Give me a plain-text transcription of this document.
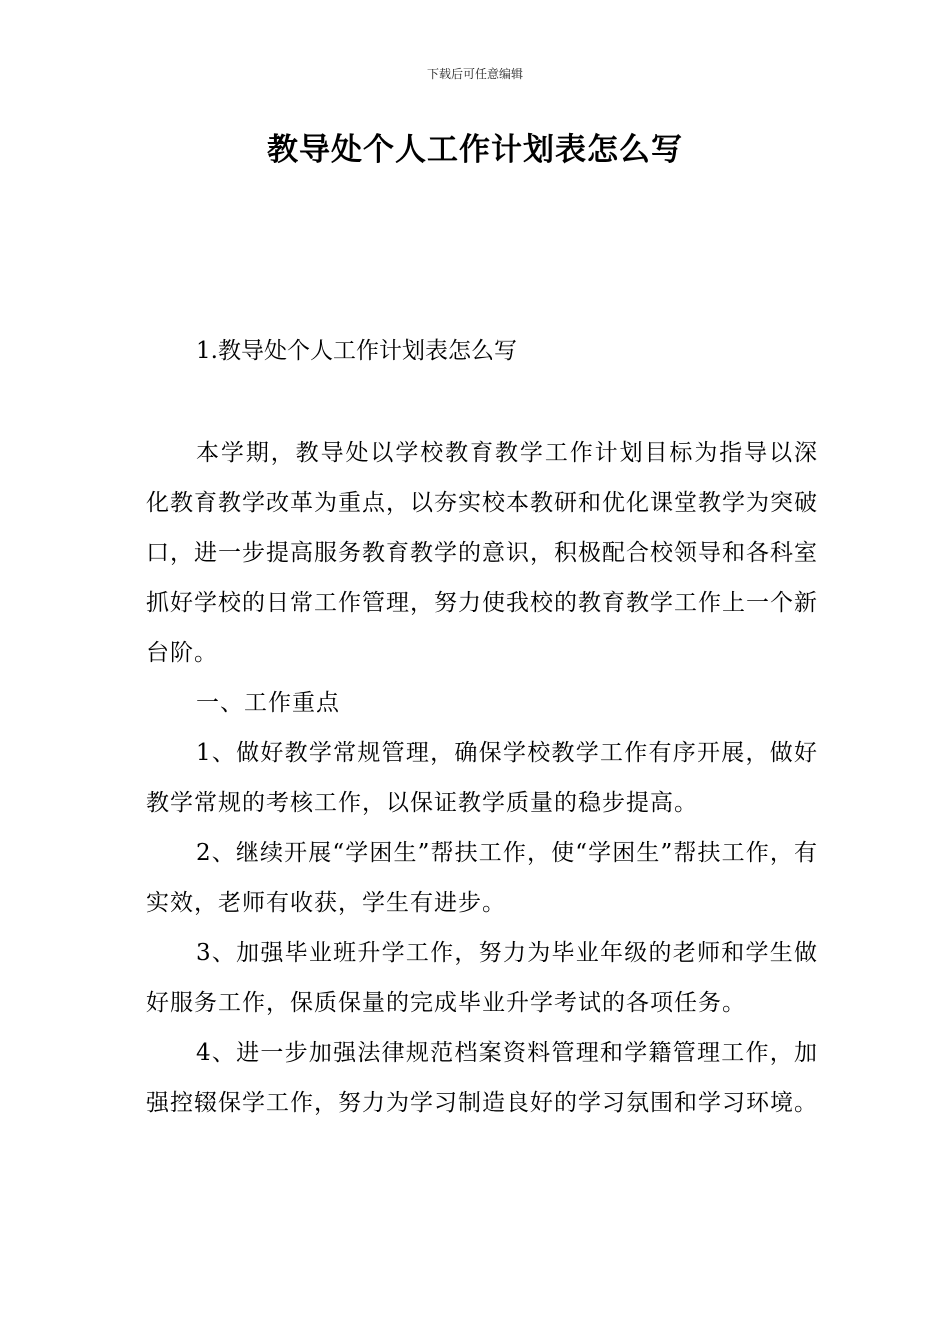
下载后可任意编辑
教导处个人工作计划表怎么写
1.教导处个人工作计划表怎么写

本学期，教导处以学校教育教学工作计划目标为指导以深化教育教学改革为重点，以夯实校本教研和优化课堂教学为突破口，进一步提高服务教育教学的意识，积极配合校领导和各科室抓好学校的日常工作管理，努力使我校的教育教学工作上一个新台阶。

一、工作重点

1、做好教学常规管理，确保学校教学工作有序开展，做好教学常规的考核工作，以保证教学质量的稳步提高。

2、继续开展“学困生”帮扶工作，使“学困生”帮扶工作，有实效，老师有收获，学生有进步。

3、加强毕业班升学工作，努力为毕业年级的老师和学生做好服务工作，保质保量的完成毕业升学考试的各项任务。

4、进一步加强法律规范档案资料管理和学籍管理工作，加强控辍保学工作，努力为学习制造良好的学习氛围和学习环境。
